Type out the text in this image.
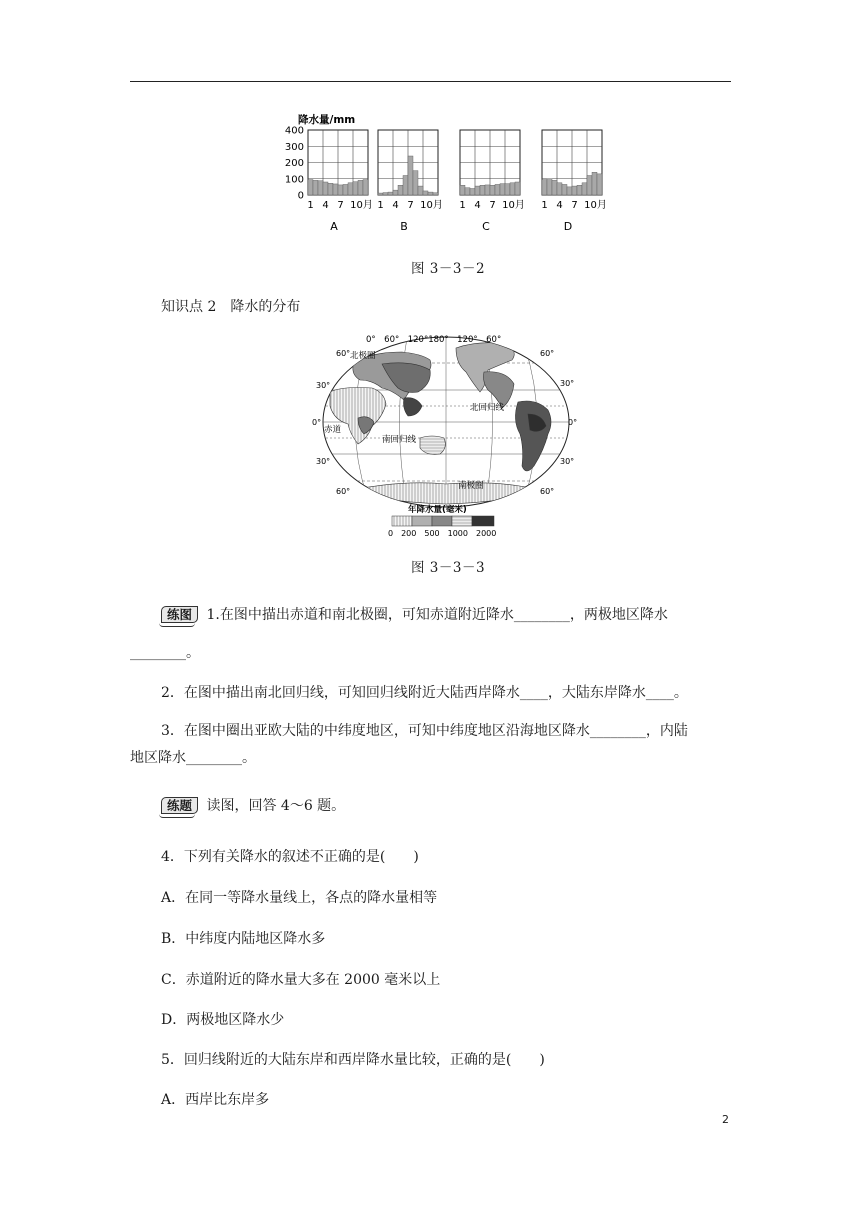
降水量/mm
400
300
200
100
0
1 4 7 10月
A
1 4 7 10月
B
1 4 7 10月
C
1 4 7 10月
D
图 3－3－2
知识点 2　降水的分布
0°　60°　120°180°　120°　60°
60°
30°
0°
30°
60°
60°
30°
0°
30°
60°
北极圈
北回归线
赤道
南回归线
南极圈
年降水量(毫米)
0　200　500　1000　2000
图 3－3－3
练图 1.在图中描出赤道和南北极圈，可知赤道附近降水________，两极地区降水
________。
2．在图中描出南北回归线，可知回归线附近大陆西岸降水____，大陆东岸降水____。
3．在图中圈出亚欧大陆的中纬度地区，可知中纬度地区沿海地区降水________，内陆
地区降水________。
练题 读图，回答 4～6 题。
4．下列有关降水的叙述不正确的是(　　)
A．在同一等降水量线上，各点的降水量相等
B．中纬度内陆地区降水多
C．赤道附近的降水量大多在 2000 毫米以上
D．两极地区降水少
5．回归线附近的大陆东岸和西岸降水量比较，正确的是(　　)
A．西岸比东岸多
2
